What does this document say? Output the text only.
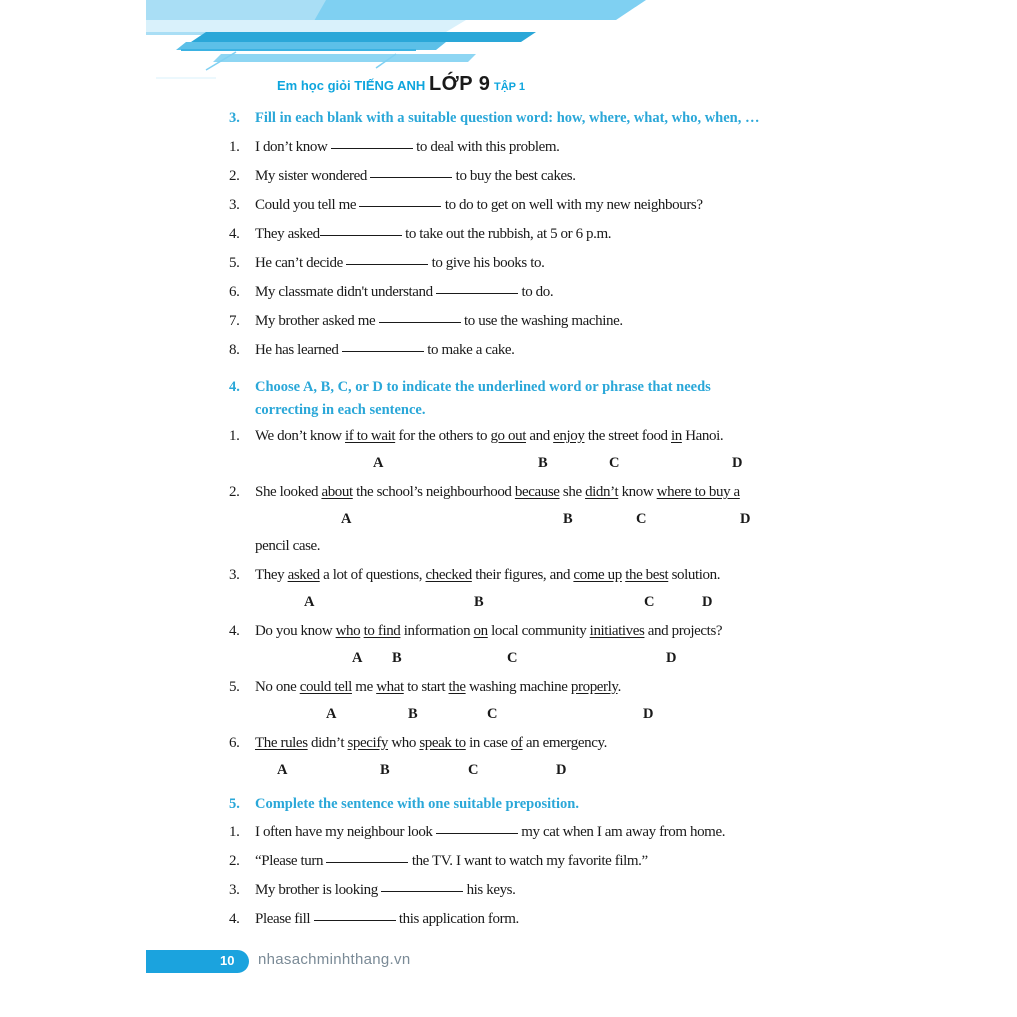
Em học giỏi TIẾNG ANH LỚP 9 TẬP 1
3. Fill in each blank with a suitable question word: how, where, what, who, when, …
1. I don’t know	to deal with this problem.
2. My sister wondered	to buy the best cakes.
3. Could you tell me	to do to get on well with my new neighbours?
4. They asked	to take out the rubbish, at 5 or 6 p.m.
5. He can’t decide	to give his books to.
6. My classmate didn't understand	to do.
7. My brother asked me	to use the washing machine.
8. He has learned	to make a cake.
4. Choose A, B, C, or D to indicate the underlined word or phrase that needs
correcting in each sentence.
1. We don’t know if to wait for the others to go out and enjoy the street food in Hanoi.
A	B	C	D
2. She looked about the school’s neighbourhood because she didn’t know where to buy a
A	B	C	D
pencil case.
3. They asked a lot of questions, checked their figures, and come up the best solution.
A	B	C	D
4. Do you know who to find information on local community initiatives and projects?
A B	C	D
5. No one could tell me what to start the washing machine properly.
A	B	C	D
6. The rules didn’t specify who speak to in case of an emergency.
A	B	C	D
5. Complete the sentence with one suitable preposition.
1. I often have my neighbour look	my cat when I am away from home.
2. “Please turn	the TV. I want to watch my favorite film.”
3. My brother is looking	his keys.
4. Please fill	this application form.
10 nhasachminhthang.vn
